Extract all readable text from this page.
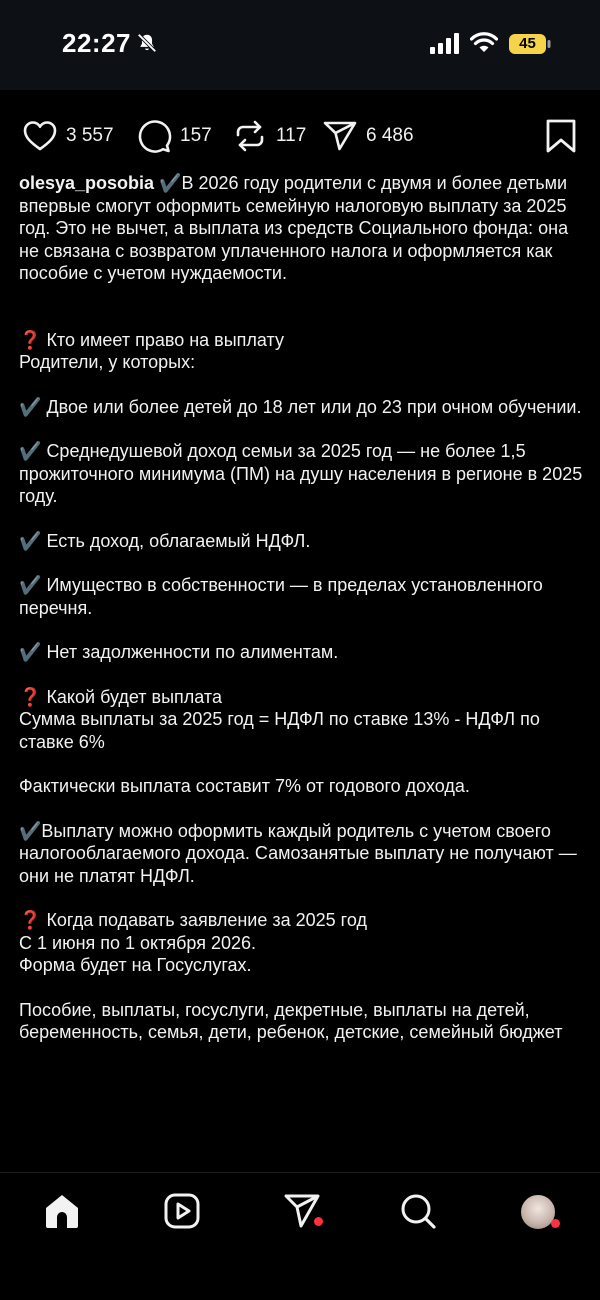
22:27	45
3 557	157	117	6 486

olesya_posobia ✔️В 2026 году родители с двумя и более детьми впервые смогут оформить семейную налоговую выплату за 2025 год. Это не вычет, а выплата из средств Социального фонда: она не связана с возвратом уплаченного налога и оформляется как пособие с учетом нуждаемости.

❓ Кто имеет право на выплату

Родители, у которых:

✔️ Двое или более детей до 18 лет или до 23 при очном обучении.

✔️ Среднедушевой доход семьи за 2025 год — не более 1,5 прожиточного минимума (ПМ) на душу населения в регионе в 2025 году.

✔️ Есть доход, облагаемый НДФЛ.

✔️ Имущество в собственности — в пределах установленного перечня.

✔️ Нет задолженности по алиментам.

❓ Какой будет выплата

Сумма выплаты за 2025 год = НДФЛ по ставке 13% - НДФЛ по ставке 6%

Фактически выплата составит 7% от годового дохода.

✔️Выплату можно оформить каждый родитель с учетом своего налогооблагаемого дохода. Самозанятые выплату не получают — они не платят НДФЛ.

❓ Когда подавать заявление за 2025 год

С 1 июня по 1 октября 2026.

Форма будет на Госуслугах.

Пособие, выплаты, госуслуги, декретные, выплаты на детей, беременность, семья, дети, ребенок, детские, семейный бюджет
